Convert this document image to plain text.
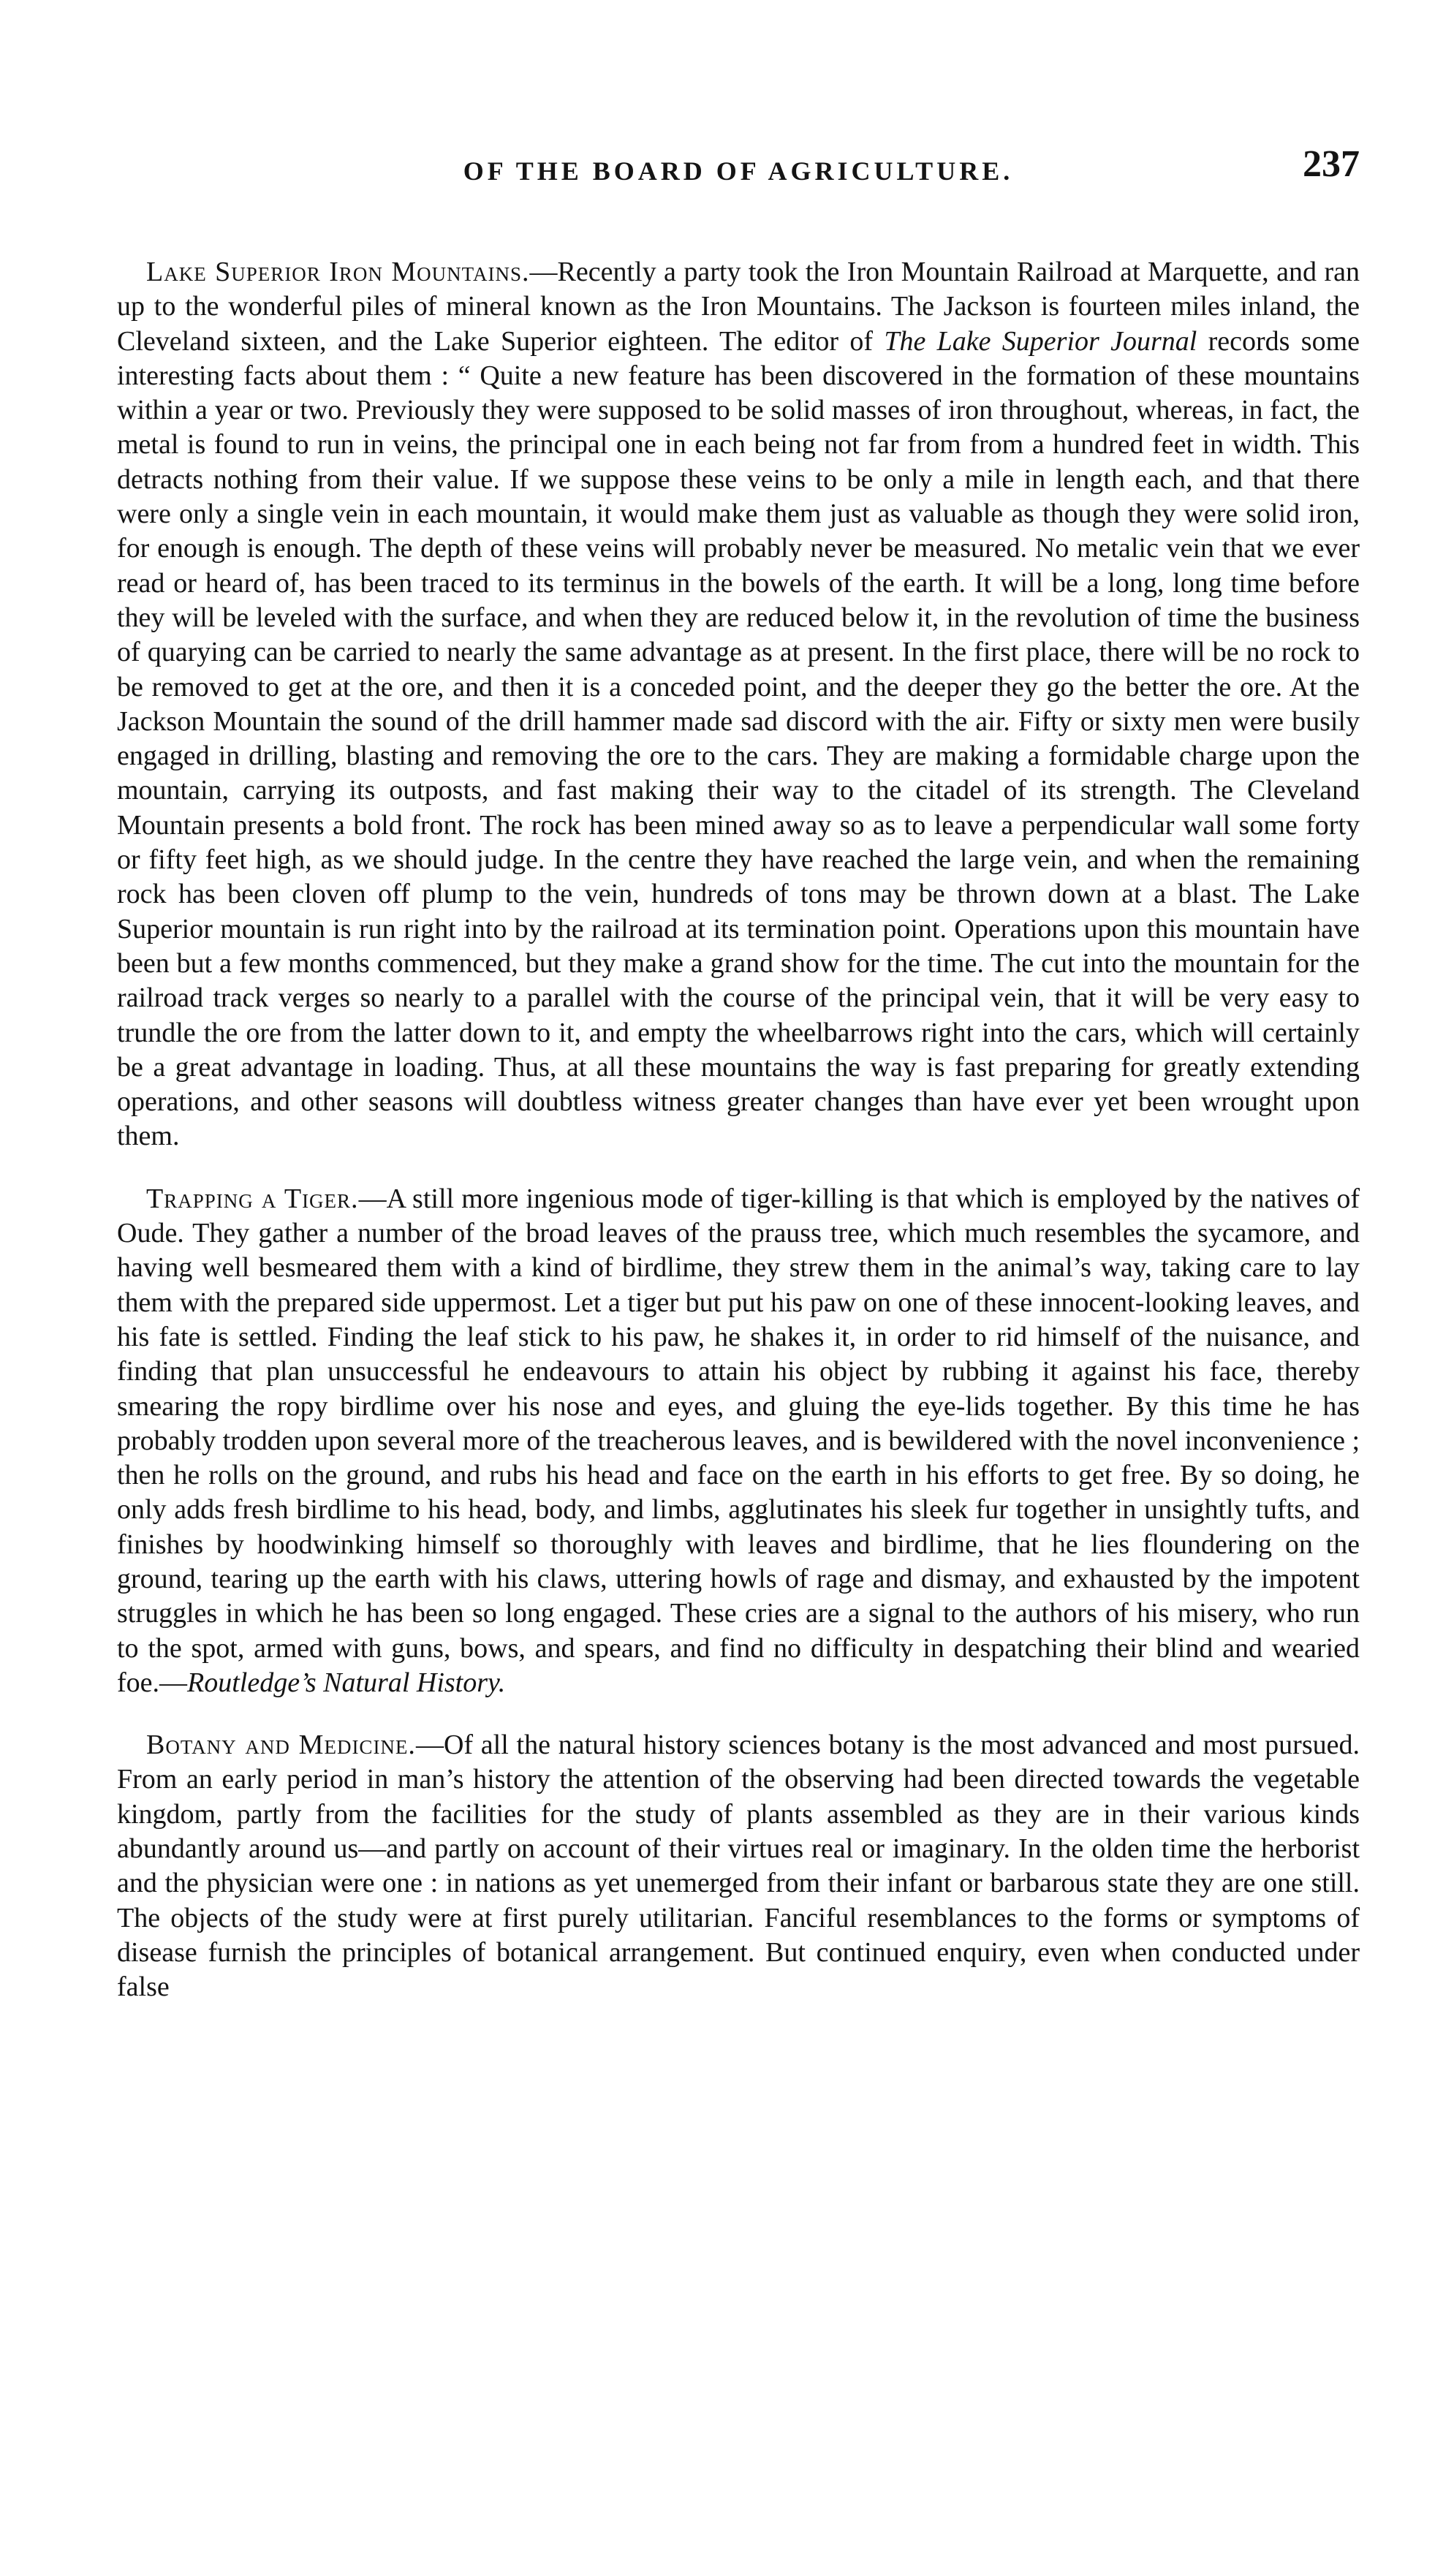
OF THE BOARD OF AGRICULTURE.	237

Lake Superior Iron Mountains.—Recently a party took the Iron Mountain Railroad at Marquette, and ran up to the wonderful piles of mineral known as the Iron Mountains. The Jackson is fourteen miles inland, the Cleveland sixteen, and the Lake Superior eighteen. The editor of The Lake Superior Journal records some interesting facts about them : “ Quite a new feature has been discovered in the formation of these mountains within a year or two. Previously they were supposed to be solid masses of iron throughout, whereas, in fact, the metal is found to run in veins, the principal one in each being not far from from a hundred feet in width. This detracts nothing from their value. If we suppose these veins to be only a mile in length each, and that there were only a single vein in each mountain, it would make them just as valuable as though they were solid iron, for enough is enough. The depth of these veins will probably never be measured. No metalic vein that we ever read or heard of, has been traced to its terminus in the bowels of the earth. It will be a long, long time before they will be leveled with the surface, and when they are reduced below it, in the revolution of time the business of quarying can be carried to nearly the same advantage as at present. In the first place, there will be no rock to be removed to get at the ore, and then it is a conceded point, and the deeper they go the better the ore. At the Jackson Mountain the sound of the drill hammer made sad discord with the air. Fifty or sixty men were busily engaged in drilling, blasting and removing the ore to the cars. They are making a formidable charge upon the mountain, carrying its outposts, and fast making their way to the citadel of its strength. The Cleveland Mountain presents a bold front. The rock has been mined away so as to leave a perpendicular wall some forty or fifty feet high, as we should judge. In the centre they have reached the large vein, and when the remaining rock has been cloven off plump to the vein, hundreds of tons may be thrown down at a blast. The Lake Superior mountain is run right into by the railroad at its termination point. Operations upon this mountain have been but a few months commenced, but they make a grand show for the time. The cut into the mountain for the railroad track verges so nearly to a parallel with the course of the principal vein, that it will be very easy to trundle the ore from the latter down to it, and empty the wheelbarrows right into the cars, which will certainly be a great advantage in loading. Thus, at all these mountains the way is fast preparing for greatly extending operations, and other seasons will doubtless witness greater changes than have ever yet been wrought upon them.

Trapping a Tiger.—A still more ingenious mode of tiger-killing is that which is employed by the natives of Oude. They gather a number of the broad leaves of the prauss tree, which much resembles the sycamore, and having well besmeared them with a kind of birdlime, they strew them in the animal’s way, taking care to lay them with the prepared side uppermost. Let a tiger but put his paw on one of these innocent-looking leaves, and his fate is settled. Finding the leaf stick to his paw, he shakes it, in order to rid himself of the nuisance, and finding that plan unsuccessful he endeavours to attain his object by rubbing it against his face, thereby smearing the ropy birdlime over his nose and eyes, and gluing the eye-lids together. By this time he has probably trodden upon several more of the treacherous leaves, and is bewildered with the novel inconvenience ; then he rolls on the ground, and rubs his head and face on the earth in his efforts to get free. By so doing, he only adds fresh birdlime to his head, body, and limbs, agglutinates his sleek fur together in unsightly tufts, and finishes by hoodwinking himself so thoroughly with leaves and birdlime, that he lies floundering on the ground, tearing up the earth with his claws, uttering howls of rage and dismay, and exhausted by the impotent struggles in which he has been so long engaged. These cries are a signal to the authors of his misery, who run to the spot, armed with guns, bows, and spears, and find no difficulty in despatching their blind and wearied foe.—Routledge’s Natural History.

Botany and Medicine.—Of all the natural history sciences botany is the most advanced and most pursued. From an early period in man’s history the attention of the observing had been directed towards the vegetable kingdom, partly from the facilities for the study of plants assembled as they are in their various kinds abundantly around us—and partly on account of their virtues real or imaginary. In the olden time the herborist and the physician were one : in nations as yet unemerged from their infant or barbarous state they are one still. The objects of the study were at first purely utilitarian. Fanciful resemblances to the forms or symptoms of disease furnish the principles of botanical arrangement. But continued enquiry, even when conducted under false
